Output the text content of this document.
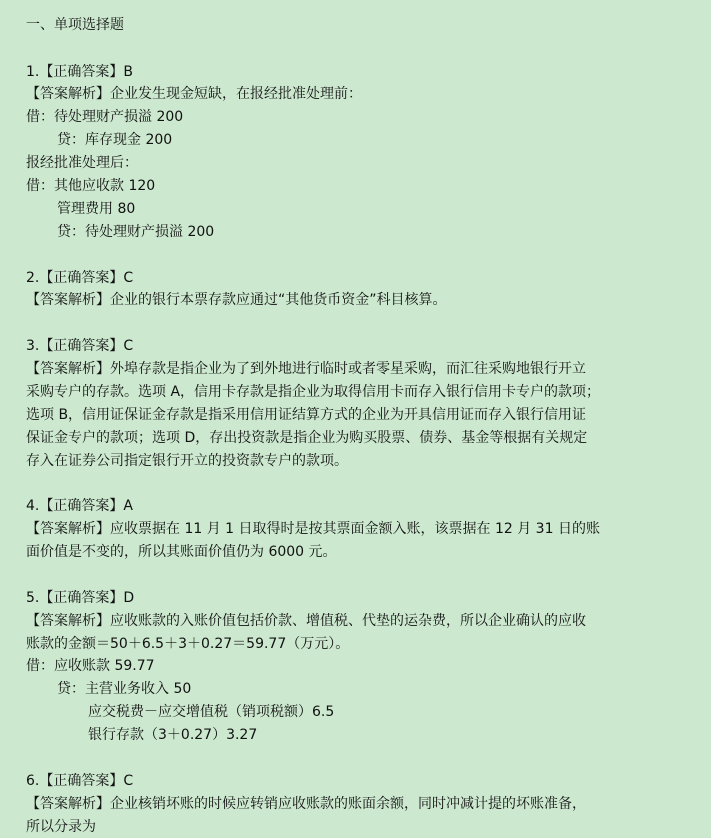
一、单项选择题
1.【正确答案】B
【答案解析】企业发生现金短缺，在报经批准处理前：
借：待处理财产损溢 200
贷：库存现金 200
报经批准处理后：
借：其他应收款 120
管理费用 80
贷：待处理财产损溢 200
2.【正确答案】C
【答案解析】企业的银行本票存款应通过“其他货币资金”科目核算。
3.【正确答案】C
【答案解析】外埠存款是指企业为了到外地进行临时或者零星采购，而汇往采购地银行开立
采购专户的存款。选项 A，信用卡存款是指企业为取得信用卡而存入银行信用卡专户的款项；
选项 B，信用证保证金存款是指采用信用证结算方式的企业为开具信用证而存入银行信用证
保证金专户的款项；选项 D，存出投资款是指企业为购买股票、债券、基金等根据有关规定
存入在证券公司指定银行开立的投资款专户的款项。
4.【正确答案】A
【答案解析】应收票据在 11 月 1 日取得时是按其票面金额入账，该票据在 12 月 31 日的账
面价值是不变的，所以其账面价值仍为 6000 元。
5.【正确答案】D
【答案解析】应收账款的入账价值包括价款、增值税、代垫的运杂费，所以企业确认的应收
账款的金额＝50＋6.5＋3＋0.27＝59.77（万元）。
借：应收账款 59.77
贷：主营业务收入 50
应交税费－应交增值税（销项税额）6.5
银行存款（3＋0.27）3.27
6.【正确答案】C
【答案解析】企业核销坏账的时候应转销应收账款的账面余额，同时冲减计提的坏账准备，
所以分录为
